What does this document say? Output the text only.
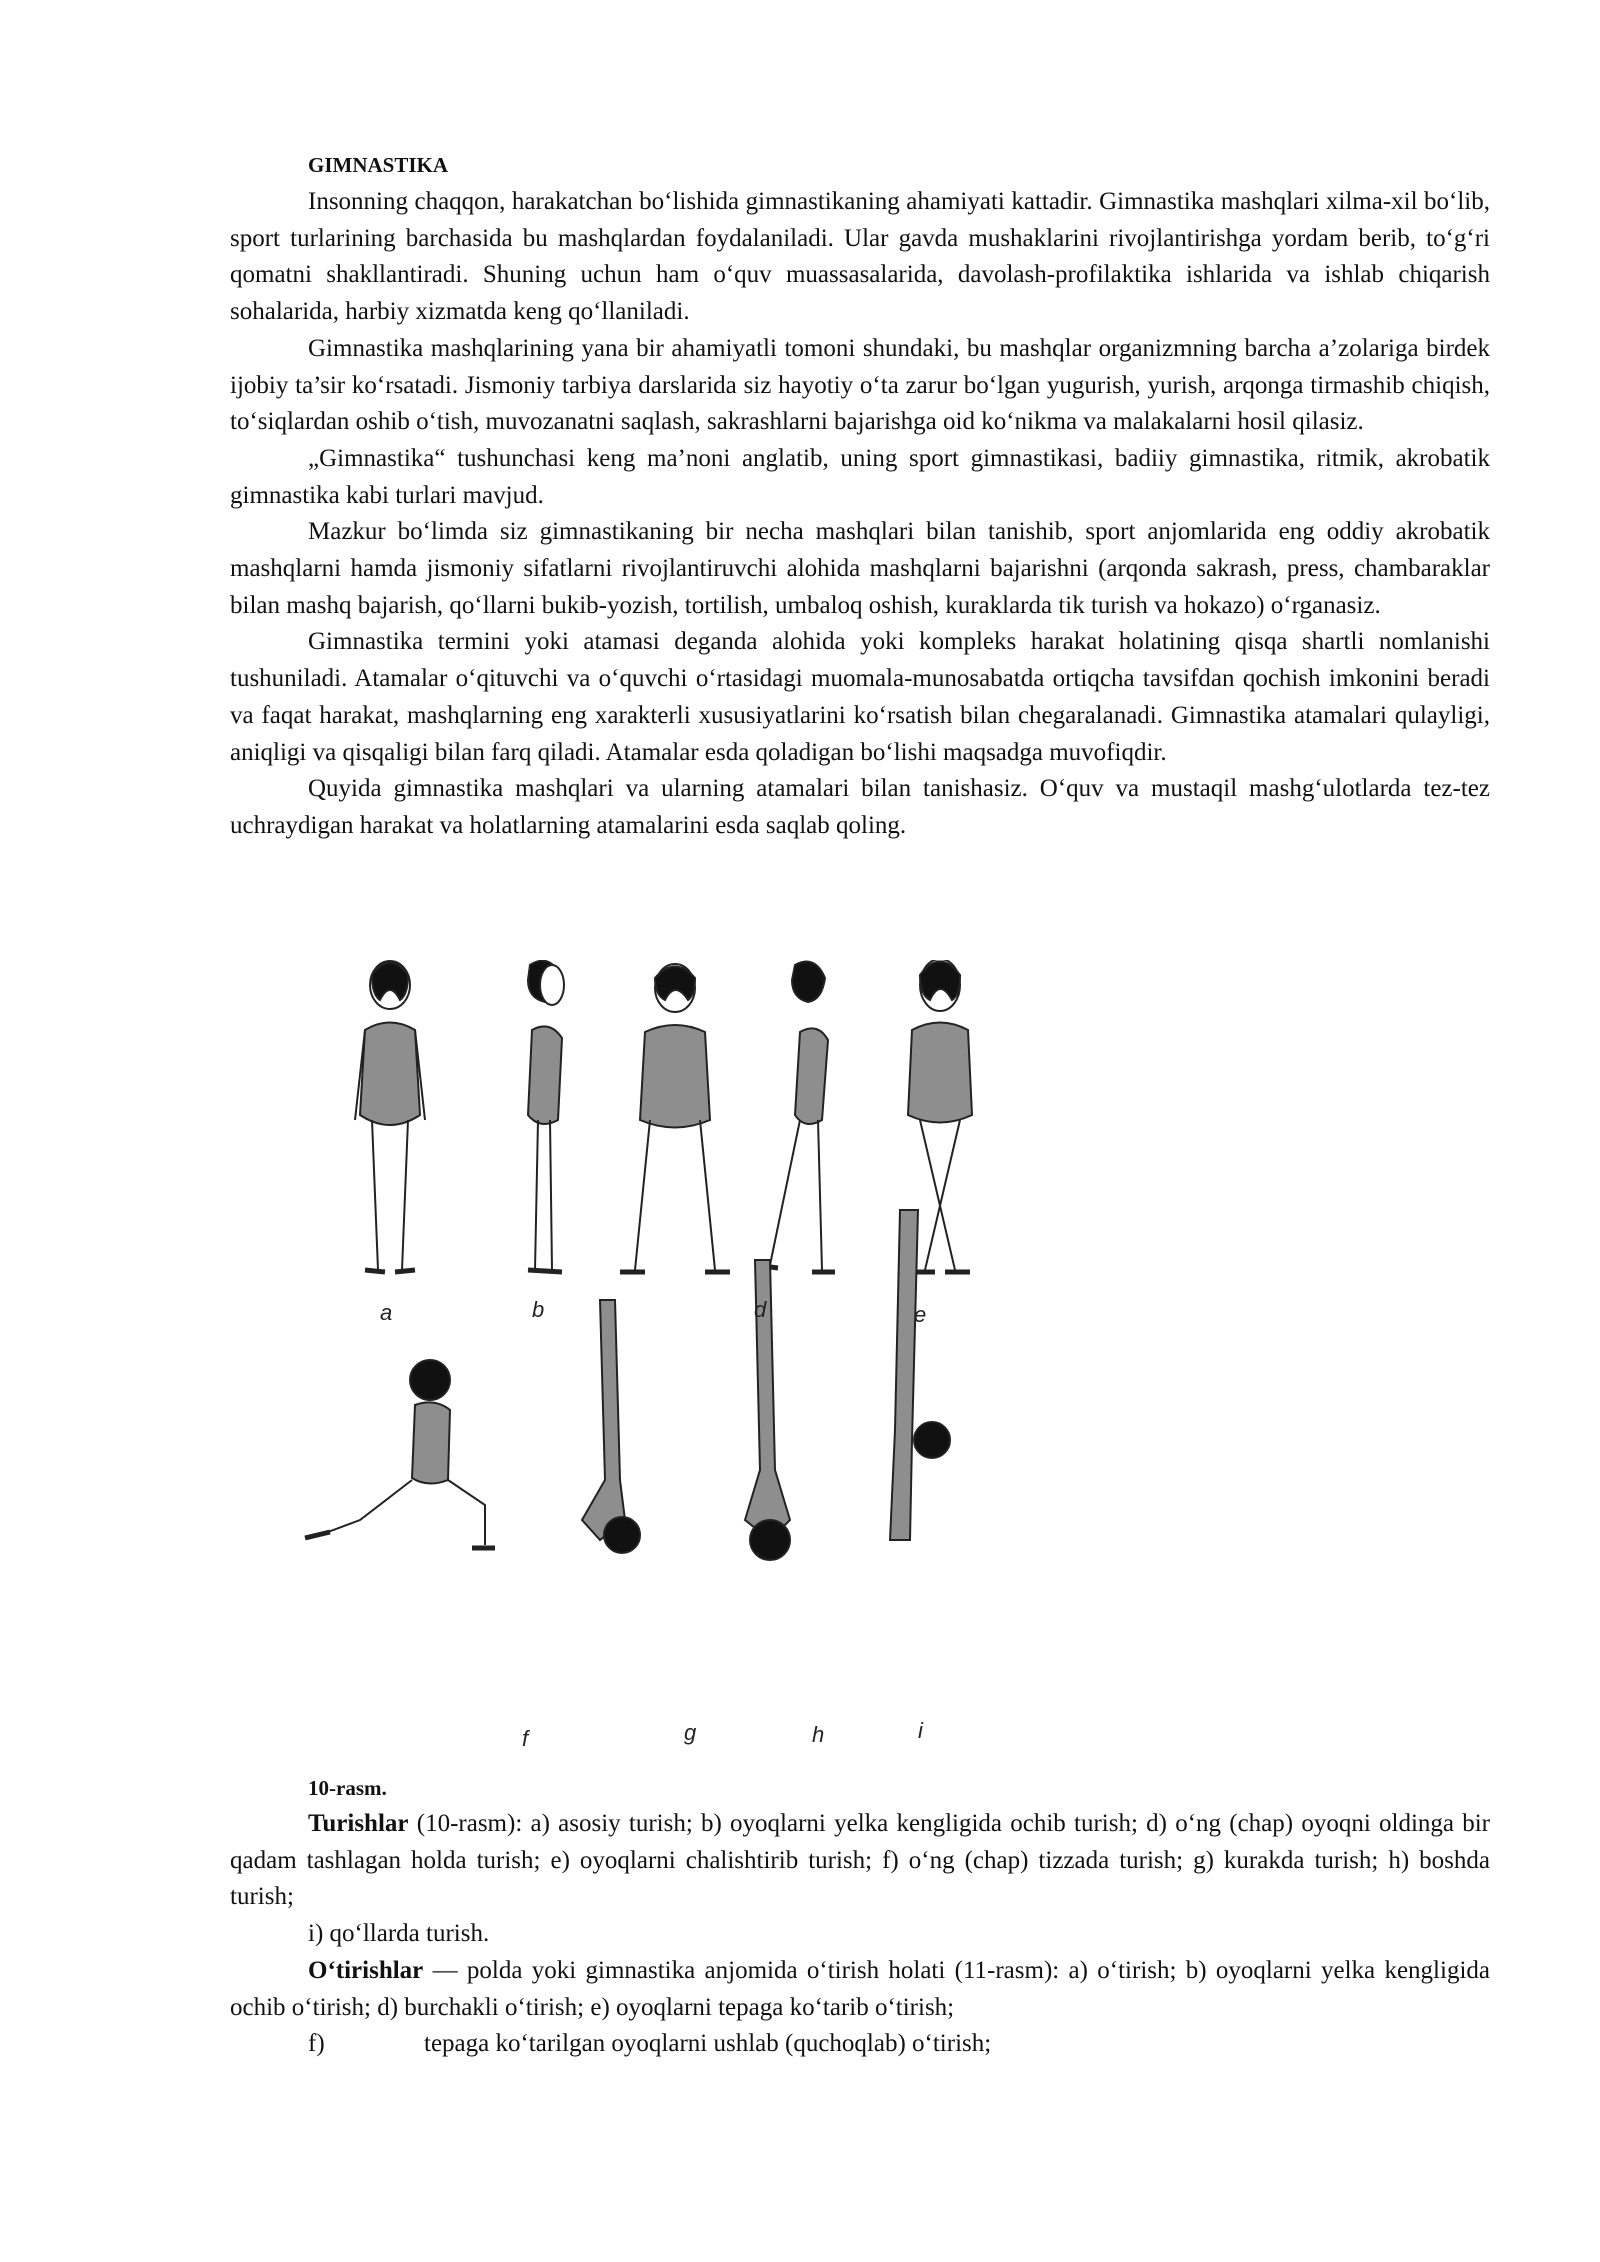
GIMNASTIKA

Insonning chaqqon, harakatchan bo‘lishida gimnastikaning ahamiyati kattadir. Gimnastika mashqlari xilma-xil bo‘lib, sport turlarining barchasida bu mashqlardan foydalaniladi. Ular gavda mushaklarini rivojlantirishga yordam berib, to‘g‘ri qomatni shakllantiradi. Shuning uchun ham o‘quv muassasalarida, davolash-profilaktika ishlarida va ishlab chiqarish sohalarida, harbiy xizmatda keng qo‘llaniladi.

Gimnastika mashqlarining yana bir ahamiyatli tomoni shundaki, bu mashqlar organizmning barcha a’zolariga birdek ijobiy ta’sir ko‘rsatadi. Jismoniy tarbiya darslarida siz hayotiy o‘ta zarur bo‘lgan yugurish, yurish, arqonga tirmashib chiqish, to‘siqlardan oshib o‘tish, muvozanatni saqlash, sakrashlarni bajarishga oid ko‘nikma va malakalarni hosil qilasiz.

„Gimnastika“ tushunchasi keng ma’noni anglatib, uning sport gimnastikasi, badiiy gimnastika, ritmik, akrobatik gimnastika kabi turlari mavjud.

Mazkur bo‘limda siz gimnastikaning bir necha mashqlari bilan tanishib, sport anjomlarida eng oddiy akrobatik mashqlarni hamda jismoniy sifatlarni rivojlantiruvchi alohida mashqlarni bajarishni (arqonda sakrash, press, chambaraklar bilan mashq bajarish, qo‘llarni bukib-yozish, tortilish, umbaloq oshish, kuraklarda tik turish va hokazo) o‘rganasiz.

Gimnastika termini yoki atamasi deganda alohida yoki kompleks harakat holatining qisqa shartli nomlanishi tushuniladi. Atamalar o‘qituvchi va o‘quvchi o‘rtasidagi muomala-munosabatda ortiqcha tavsifdan qochish imkonini beradi va faqat harakat, mashqlarning eng xarakterli xususiyatlarini ko‘rsatish bilan chegaralanadi. Gimnastika atamalari qulayligi, aniqligi va qisqaligi bilan farq qiladi. Atamalar esda qoladigan bo‘lishi maqsadga muvofiqdir.

Quyida gimnastika mashqlari va ularning atamalari bilan tanishasiz. O‘quv va mustaqil mashg‘ulotlarda tez-tez uchraydigan harakat va holatlarning atamalarini esda saqlab qoling.

a	b	d	e
f	g	h	i
10-rasm.

Turishlar (10-rasm): a) asosiy turish; b) oyoqlarni yelka kengligida ochib turish; d) o‘ng (chap) oyoqni oldinga bir qadam tashlagan holda turish; e) oyoqlarni chalishtirib turish; f) o‘ng (chap) tizzada turish; g) kurakda turish; h) boshda turish;

i) qo‘llarda turish.

O‘tirishlar — polda yoki gimnastika anjomida o‘tirish holati (11-rasm): a) o‘tirish; b) oyoqlarni yelka kengligida ochib o‘tirish; d) burchakli o‘tirish; e) oyoqlarni tepaga ko‘tarib o‘tirish;

f)	tepaga ko‘tarilgan oyoqlarni ushlab (quchoqlab) o‘tirish;
